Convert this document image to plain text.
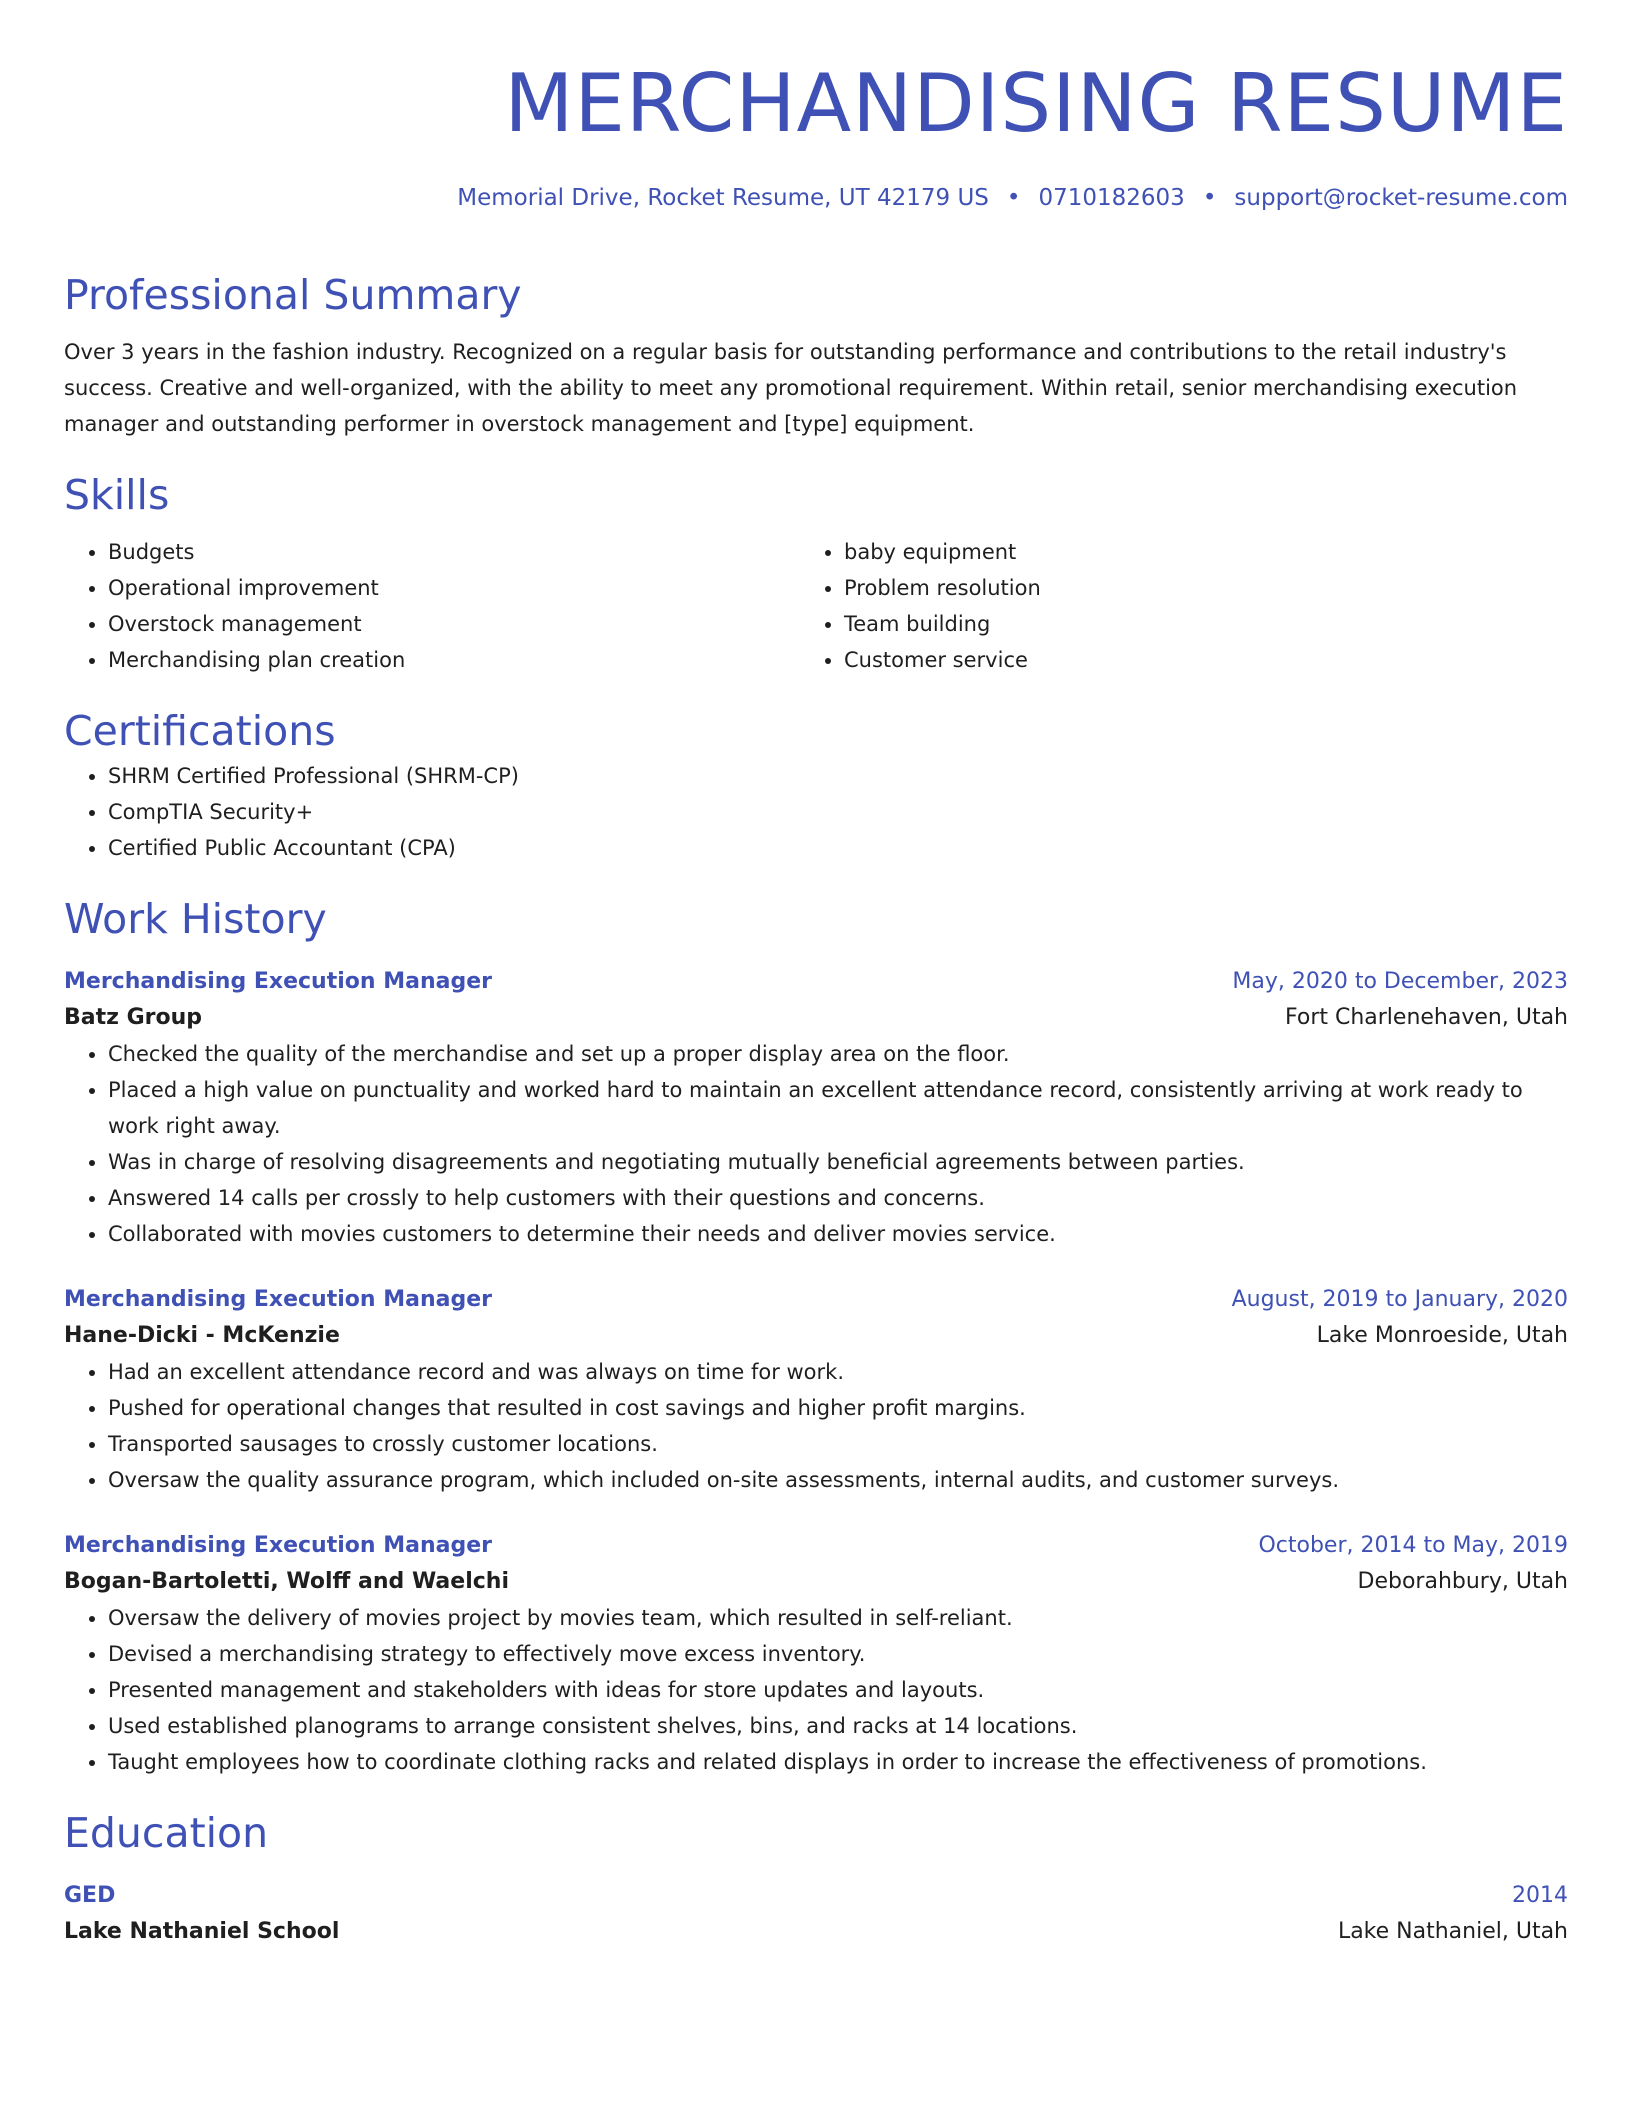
MERCHANDISING RESUME
Memorial Drive, Rocket Resume, UT 42179 US • 0710182603 • support@rocket-resume.com
Professional Summary
Over 3 years in the fashion industry. Recognized on a regular basis for outstanding performance and contributions to the retail industry's success. Creative and well-organized, with the ability to meet any promotional requirement. Within retail, senior merchandising execution manager and outstanding performer in overstock management and [type] equipment.
Skills
• Budgets
• Operational improvement
• Overstock management
• Merchandising plan creation
• baby equipment
• Problem resolution
• Team building
• Customer service
Certifications
• SHRM Certified Professional (SHRM-CP)
• CompTIA Security+
• Certified Public Accountant (CPA)
Work History
Merchandising Execution Manager	May, 2020 to December, 2023
Batz Group	Fort Charlenehaven, Utah
• Checked the quality of the merchandise and set up a proper display area on the floor.
• Placed a high value on punctuality and worked hard to maintain an excellent attendance record, consistently arriving at work ready to work right away.
• Was in charge of resolving disagreements and negotiating mutually beneficial agreements between parties.
• Answered 14 calls per crossly to help customers with their questions and concerns.
• Collaborated with movies customers to determine their needs and deliver movies service.
Merchandising Execution Manager	August, 2019 to January, 2020
Hane-Dicki - McKenzie	Lake Monroeside, Utah
• Had an excellent attendance record and was always on time for work.
• Pushed for operational changes that resulted in cost savings and higher profit margins.
• Transported sausages to crossly customer locations.
• Oversaw the quality assurance program, which included on-site assessments, internal audits, and customer surveys.
Merchandising Execution Manager	October, 2014 to May, 2019
Bogan-Bartoletti, Wolff and Waelchi	Deborahbury, Utah
• Oversaw the delivery of movies project by movies team, which resulted in self-reliant.
• Devised a merchandising strategy to effectively move excess inventory.
• Presented management and stakeholders with ideas for store updates and layouts.
• Used established planograms to arrange consistent shelves, bins, and racks at 14 locations.
• Taught employees how to coordinate clothing racks and related displays in order to increase the effectiveness of promotions.
Education
GED	2014
Lake Nathaniel School	Lake Nathaniel, Utah
